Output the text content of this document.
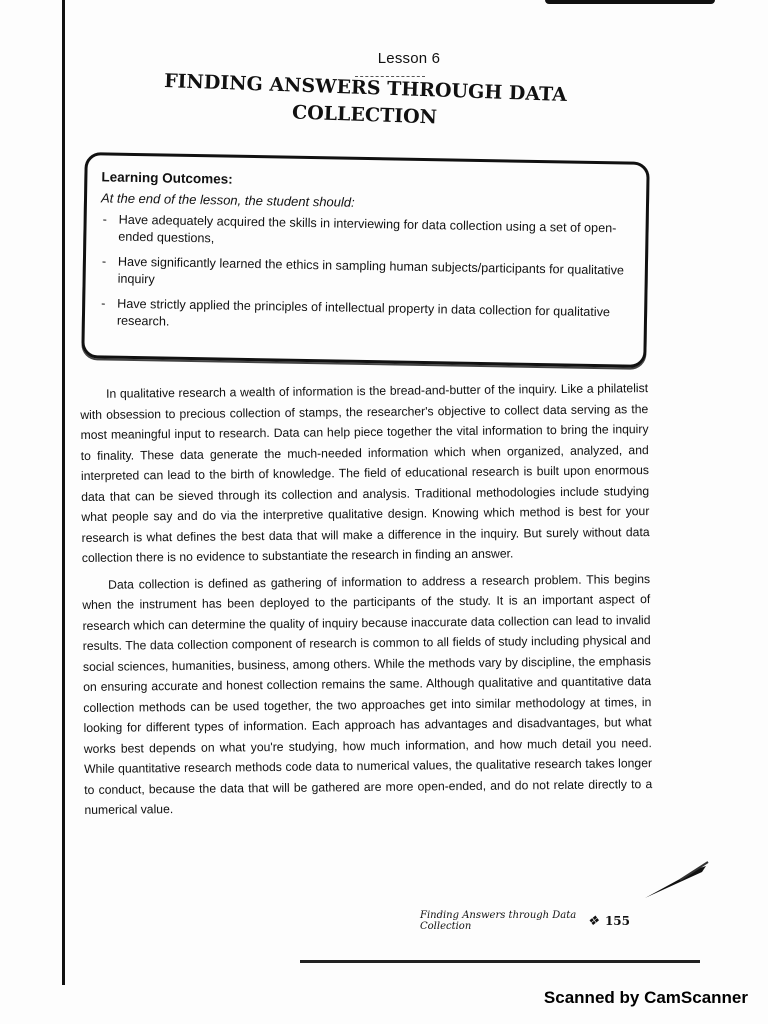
Lesson 6
FINDING ANSWERS THROUGH DATA
COLLECTION
Learning Outcomes:
At the end of the lesson, the student should:
- Have adequately acquired the skills in interviewing for data collection using a set of open-ended questions,
- Have significantly learned the ethics in sampling human subjects/participants for qualitative inquiry
- Have strictly applied the principles of intellectual property in data collection for qualitative research.

In qualitative research a wealth of information is the bread-and-butter of the inquiry. Like a philatelist with obsession to precious collection of stamps, the researcher's objective to collect data serving as the most meaningful input to research. Data can help piece together the vital information to bring the inquiry to finality. These data generate the much-needed information which when organized, analyzed, and interpreted can lead to the birth of knowledge. The field of educational research is built upon enormous data that can be sieved through its collection and analysis. Traditional methodologies include studying what people say and do via the interpretive qualitative design. Knowing which method is best for your research is what defines the best data that will make a difference in the inquiry. But surely without data collection there is no evidence to substantiate the research in finding an answer.

Data collection is defined as gathering of information to address a research problem. This begins when the instrument has been deployed to the participants of the study. It is an important aspect of research which can determine the quality of inquiry because inaccurate data collection can lead to invalid results. The data collection component of research is common to all fields of study including physical and social sciences, humanities, business, among others. While the methods vary by discipline, the emphasis on ensuring accurate and honest collection remains the same. Although qualitative and quantitative data collection methods can be used together, the two approaches get into similar methodology at times, in looking for different types of information. Each approach has advantages and disadvantages, but what works best depends on what you're studying, how much information, and how much detail you need. While quantitative research methods code data to numerical values, the qualitative research takes longer to conduct, because the data that will be gathered are more open-ended, and do not relate directly to a numerical value.

Finding Answers through Data Collection	❖ 155
Scanned by CamScanner
